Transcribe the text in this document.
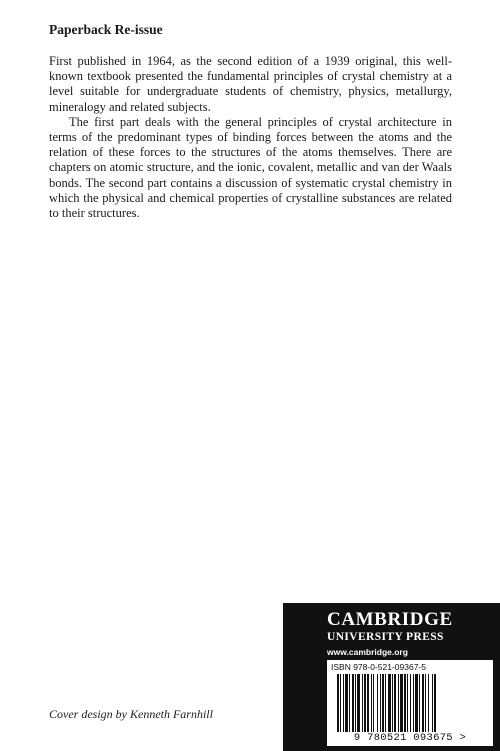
Paperback Re-issue

First published in 1964, as the second edition of a 1939 original, this well-known textbook presented the fundamental principles of crystal chemistry at a level suitable for undergraduate students of chemistry, physics, metallurgy, mineralogy and related subjects.

The first part deals with the general principles of crystal architecture in terms of the predominant types of binding forces between the atoms and the relation of these forces to the structures of the atoms themselves. There are chapters on atomic structure, and the ionic, covalent, metallic and van der Waals bonds. The second part contains a discussion of systematic crystal chemistry in which the physical and chemical properties of crystalline substances are related to their structures.

CAMBRIDGE
UNIVERSITY PRESS
www.cambridge.org
ISBN 978-0-521-09367-5
9 780521 093675 >
Cover design by Kenneth Farnhill
